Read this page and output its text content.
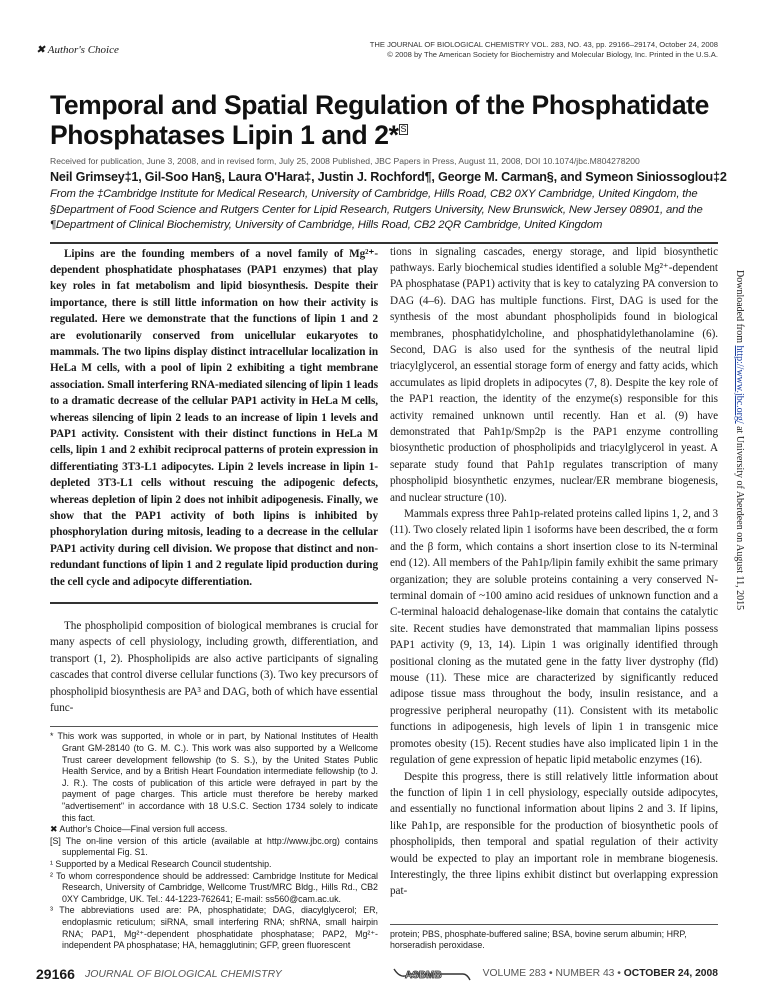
✖ Author's Choice	THE JOURNAL OF BIOLOGICAL CHEMISTRY VOL. 283, NO. 43, pp. 29166–29174, October 24, 2008
© 2008 by The American Society for Biochemistry and Molecular Biology, Inc. Printed in the U.S.A.
Temporal and Spatial Regulation of the Phosphatidate Phosphatases Lipin 1 and 2* S
Received for publication, June 3, 2008, and in revised form, July 25, 2008 Published, JBC Papers in Press, August 11, 2008, DOI 10.1074/jbc.M804278200
Neil Grimsey‡1, Gil-Soo Han§, Laura O'Hara‡, Justin J. Rochford¶, George M. Carman§, and Symeon Siniossoglou‡2
From the ‡Cambridge Institute for Medical Research, University of Cambridge, Hills Road, CB2 0XY Cambridge, United Kingdom, the §Department of Food Science and Rutgers Center for Lipid Research, Rutgers University, New Brunswick, New Jersey 08901, and the ¶Department of Clinical Biochemistry, University of Cambridge, Hills Road, CB2 2QR Cambridge, United Kingdom

Lipins are the founding members of a novel family of Mg²⁺-dependent phosphatidate phosphatases (PAP1 enzymes) that play key roles in fat metabolism and lipid biosynthesis. Despite their importance, there is still little information on how their activity is regulated. Here we demonstrate that the functions of lipin 1 and 2 are evolutionarily conserved from unicellular eukaryotes to mammals. The two lipins display distinct intracellular localization in HeLa M cells, with a pool of lipin 2 exhibiting a tight membrane association. Small interfering RNA-mediated silencing of lipin 1 leads to a dramatic decrease of the cellular PAP1 activity in HeLa M cells, whereas silencing of lipin 2 leads to an increase of lipin 1 levels and PAP1 activity. Consistent with their distinct functions in HeLa M cells, lipin 1 and 2 exhibit reciprocal patterns of protein expression in differentiating 3T3-L1 adipocytes. Lipin 2 levels increase in lipin 1-depleted 3T3-L1 cells without rescuing the adipogenic defects, whereas depletion of lipin 2 does not inhibit adipogenesis. Finally, we show that the PAP1 activity of both lipins is inhibited by phosphorylation during mitosis, leading to a decrease in the cellular PAP1 activity during cell division. We propose that distinct and non-redundant functions of lipin 1 and 2 regulate lipid production during the cell cycle and adipocyte differentiation.

The phospholipid composition of biological membranes is crucial for many aspects of cell physiology, including growth, differentiation, and transport (1, 2). Phospholipids are also active participants of signaling cascades that control diverse cellular functions (3). Two key precursors of phospholipid biosynthesis are PA³ and DAG, both of which have essential func-

* This work was supported, in whole or in part, by National Institutes of Health Grant GM-28140 (to G. M. C.). This work was also supported by a Wellcome Trust career development fellowship (to S. S.), by the United States Public Health Service, and by a British Heart Foundation intermediate fellowship (to J. J. R.). The costs of publication of this article were defrayed in part by the payment of page charges. This article must therefore be hereby marked "advertisement" in accordance with 18 U.S.C. Section 1734 solely to indicate this fact.
✖ Author's Choice—Final version full access.
[S] The on-line version of this article (available at http://www.jbc.org) contains supplemental Fig. S1.
¹ Supported by a Medical Research Council studentship.
² To whom correspondence should be addressed: Cambridge Institute for Medical Research, University of Cambridge, Wellcome Trust/MRC Bldg., Hills Rd., CB2 0XY Cambridge, UK. Tel.: 44-1223-762641; E-mail: ss560@cam.ac.uk.
³ The abbreviations used are: PA, phosphatidate; DAG, diacylglycerol; ER, endoplasmic reticulum; siRNA, small interfering RNA; shRNA, small hairpin RNA; PAP1, Mg²⁺-dependent phosphatidate phosphatase; PAP2, Mg²⁺-independent PA phosphatase; HA, hemagglutinin; GFP, green fluorescent

tions in signaling cascades, energy storage, and lipid biosynthetic pathways. Early biochemical studies identified a soluble Mg²⁺-dependent PA phosphatase (PAP1) activity that is key to catalyzing PA conversion to DAG (4–6). DAG has multiple functions. First, DAG is used for the synthesis of the most abundant phospholipids found in biological membranes, phosphatidylcholine, and phosphatidylethanolamine (6). Second, DAG is also used for the synthesis of the neutral lipid triacylglycerol, an essential storage form of energy and fatty acids, which accumulates as lipid droplets in adipocytes (7, 8). Despite the key role of the PAP1 reaction, the identity of the enzyme(s) responsible for this activity remained unknown until recently. Han et al. (9) have demonstrated that Pah1p/Smp2p is the PAP1 enzyme controlling biosynthetic production of phospholipids and triacylglycerol in yeast. A separate study found that Pah1p regulates transcription of many phospholipid biosynthetic enzymes, nuclear/ER membrane biogenesis, and nuclear structure (10).

Mammals express three Pah1p-related proteins called lipins 1, 2, and 3 (11). Two closely related lipin 1 isoforms have been described, the α form and the β form, which contains a short insertion close to its N-terminal end (12). All members of the Pah1p/lipin family exhibit the same primary organization; they are soluble proteins containing a very conserved N-terminal domain of ~100 amino acid residues of unknown function and a C-terminal haloacid dehalogenase-like domain that contains the catalytic site. Recent studies have demonstrated that mammalian lipins possess PAP1 activity (9, 13, 14). Lipin 1 was originally identified through positional cloning as the mutated gene in the fatty liver dystrophy (fld) mouse (11). These mice are characterized by significantly reduced adipose tissue mass throughout the body, insulin resistance, and a progressive peripheral neuropathy (11). Consistent with its metabolic functions in adipogenesis, high levels of lipin 1 in transgenic mice promotes obesity (15). Recent studies have also implicated lipin 1 in the regulation of gene expression of hepatic lipid metabolic enzymes (16).

Despite this progress, there is still relatively little information about the function of lipin 1 in cell physiology, especially outside adipocytes, and essentially no functional information about lipins 2 and 3. If lipins, like Pah1p, are responsible for the production of biosynthetic pools of phospholipids, then temporal and spatial regulation of their activity would be expected to play an important role in membrane biogenesis. Interestingly, the three lipins exhibit distinct but overlapping expression pat-

protein; PBS, phosphate-buffered saline; BSA, bovine serum albumin; HRP, horseradish peroxidase.
29166 JOURNAL OF BIOLOGICAL CHEMISTRY	ASBMB	VOLUME 283 • NUMBER 43 • OCTOBER 24, 2008
Downloaded from http://www.jbc.org/ at University of Aberdeen on August 11, 2015
